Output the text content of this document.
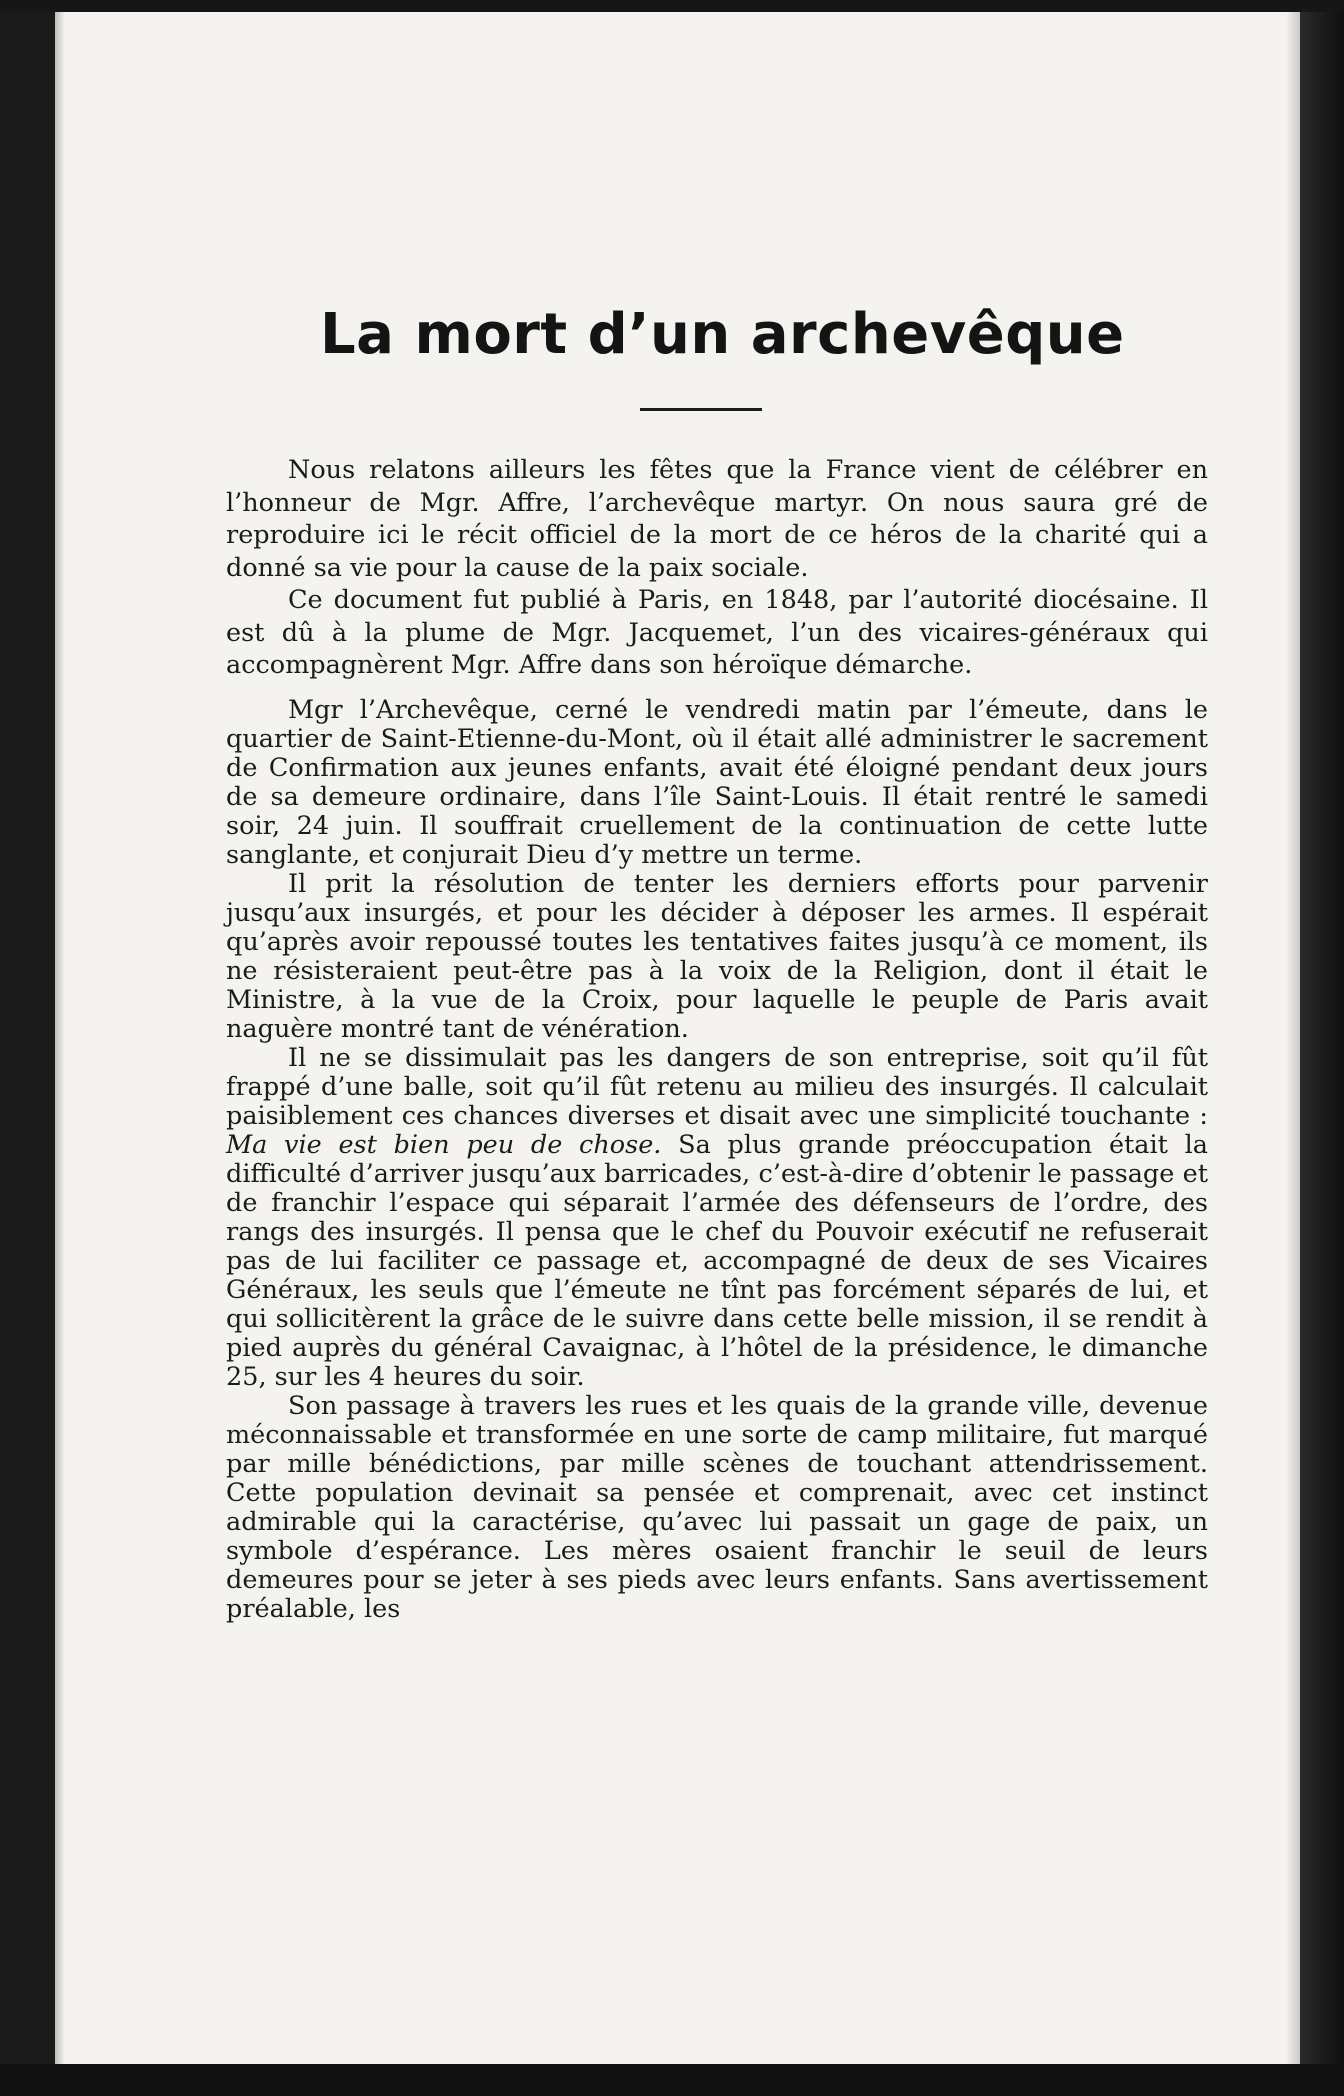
La mort d’un archevêque

Nous relatons ailleurs les fêtes que la France vient de célébrer en l’honneur de Mgr. Affre, l’archevêque martyr. On nous saura gré de reproduire ici le récit officiel de la mort de ce héros de la charité qui a donné sa vie pour la cause de la paix sociale.

Ce document fut publié à Paris, en 1848, par l’autorité diocésaine. Il est dû à la plume de Mgr. Jacquemet, l’un des vicaires-généraux qui accompagnèrent Mgr. Affre dans son héroïque démarche.

Mgr l’Archevêque, cerné le vendredi matin par l’émeute, dans le quartier de Saint-Etienne-du-Mont, où il était allé administrer le sacrement de Confirmation aux jeunes enfants, avait été éloigné pendant deux jours de sa demeure ordinaire, dans l’île Saint-Louis. Il était rentré le samedi soir, 24 juin. Il souffrait cruellement de la continuation de cette lutte sanglante, et conjurait Dieu d’y mettre un terme.

Il prit la résolution de tenter les derniers efforts pour parvenir jusqu’aux insurgés, et pour les décider à déposer les armes. Il espérait qu’après avoir repoussé toutes les tentatives faites jusqu’à ce moment, ils ne résisteraient peut-être pas à la voix de la Religion, dont il était le Ministre, à la vue de la Croix, pour laquelle le peuple de Paris avait naguère montré tant de vénération.

Il ne se dissimulait pas les dangers de son entreprise, soit qu’il fût frappé d’une balle, soit qu’il fût retenu au milieu des insurgés. Il calculait paisiblement ces chances diverses et disait avec une simplicité touchante : Ma vie est bien peu de chose. Sa plus grande préoccupation était la difficulté d’arriver jusqu’aux barricades, c’est-à-dire d’obtenir le passage et de franchir l’espace qui séparait l’armée des défenseurs de l’ordre, des rangs des insurgés. Il pensa que le chef du Pouvoir exécutif ne refuserait pas de lui faciliter ce passage et, accompagné de deux de ses Vicaires Généraux, les seuls que l’émeute ne tînt pas forcément séparés de lui, et qui sollicitèrent la grâce de le suivre dans cette belle mission, il se rendit à pied auprès du général Cavaignac, à l’hôtel de la présidence, le dimanche 25, sur les 4 heures du soir.

Son passage à travers les rues et les quais de la grande ville, devenue méconnaissable et transformée en une sorte de camp militaire, fut marqué par mille bénédictions, par mille scènes de touchant attendrissement. Cette population devinait sa pensée et comprenait, avec cet instinct admirable qui la caractérise, qu’avec lui passait un gage de paix, un symbole d’espérance. Les mères osaient franchir le seuil de leurs demeures pour se jeter à ses pieds avec leurs enfants. Sans avertissement préalable, les
